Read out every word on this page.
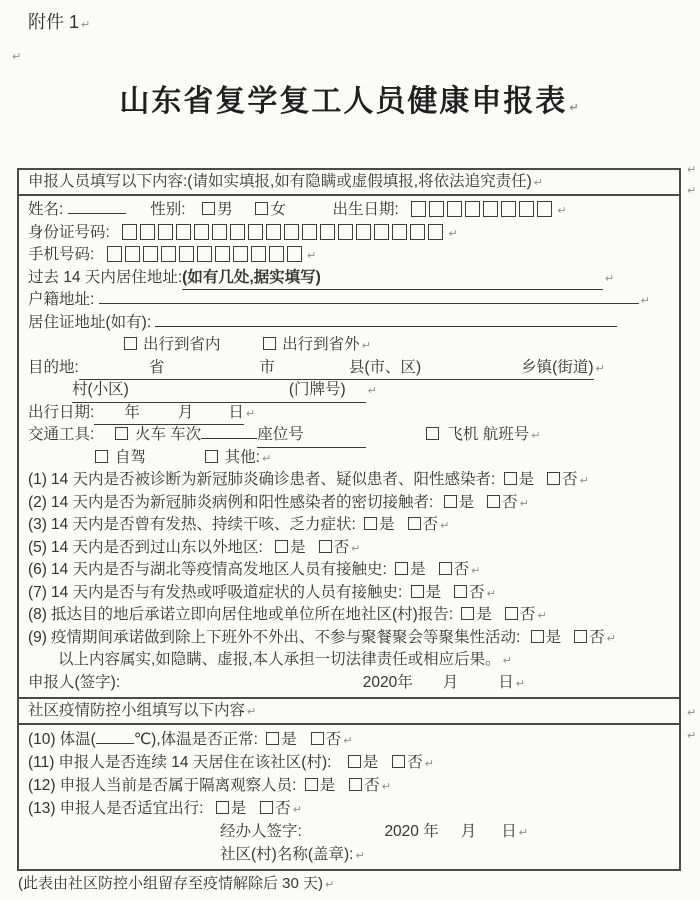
附件 1 ↵
↵
山东省复学复工人员健康申报表 ↵
↵
↵
↵
↵
申报人员填写以下内容:(请如实填报,如有隐瞒或虚假填报,将依法追究责任) ↵
姓名:	性别: 男 女	出生日期:	↵
身份证号码:	↵
手机号码:	↵
过去 14 天内居住地址:(如有几处,据实填写)	↵
户籍地址:	↵
居住证地址(如有):
出行到省内	出行到省外 ↵
目的地:	省	市	县(市、区)	乡镇(街道) ↵
村(小区)	(门牌号) ↵
出行日期: 年 月 日 ↵
交通工具:	火车 车次	座位号	飞机 航班号 ↵
自驾	其他: ↵
(1) 14 天内是否被诊断为新冠肺炎确诊患者、疑似患者、阳性感染者: 是 否 ↵
(2) 14 天内是否为新冠肺炎病例和阳性感染者的密切接触者: 是 否 ↵
(3) 14 天内是否曾有发热、持续干咳、乏力症状: 是 否 ↵
(5) 14 天内是否到过山东以外地区: 是 否 ↵
(6) 14 天内是否与湖北等疫情高发地区人员有接触史: 是 否 ↵
(7) 14 天内是否与有发热或呼吸道症状的人员有接触史: 是 否 ↵
(8) 抵达目的地后承诺立即向居住地或单位所在地社区(村)报告: 是 否 ↵
(9) 疫情期间承诺做到除上下班外不外出、不参与聚餐聚会等聚集性活动: 是 否 ↵
以上内容属实,如隐瞒、虚报,本人承担一切法律责任或相应后果。 ↵
申报人(签字):	2020年 月	日 ↵
社区疫情防控小组填写以下内容 ↵
(10) 体温( ℃),体温是否正常: 是 否 ↵
(11) 申报人是否连续 14 天居住在该社区(村): 是 否 ↵
(12) 申报人当前是否属于隔离观察人员: 是 否 ↵
(13) 申报人是否适宜出行: 是 否 ↵
经办人签字:	2020 年 月 日 ↵
社区(村)名称(盖章): ↵
(此表由社区防控小组留存至疫情解除后 30 天) ↵
